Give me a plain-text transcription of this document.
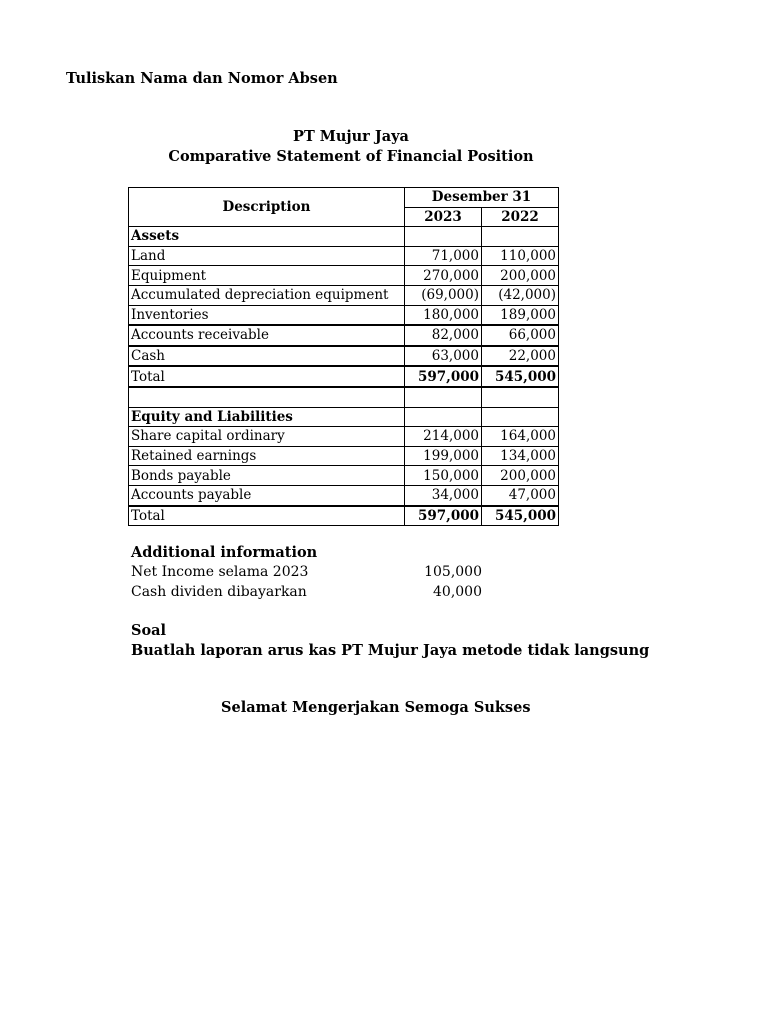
Tuliskan Nama dan Nomor Absen
PT Mujur Jaya
Comparative Statement of Financial Position
Description	Desember 31	
	2023	2022
Assets		
Land	71,000	110,000
Equipment	270,000	200,000
Accumulated depreciation equipment	(69,000)	(42,000)
Inventories	180,000	189,000
Accounts receivable	82,000	66,000
Cash	63,000	22,000
Total	597,000	545,000

Equity and Liabilities		
Share capital ordinary	214,000	164,000
Retained earnings	199,000	134,000
Bonds payable	150,000	200,000
Accounts payable	34,000	47,000
Total	597,000	545,000
Additional information
Net Income selama 2023	105,000
Cash dividen dibayarkan	40,000
Soal
Buatlah laporan arus kas PT Mujur Jaya metode tidak langsung
Selamat Mengerjakan Semoga Sukses
